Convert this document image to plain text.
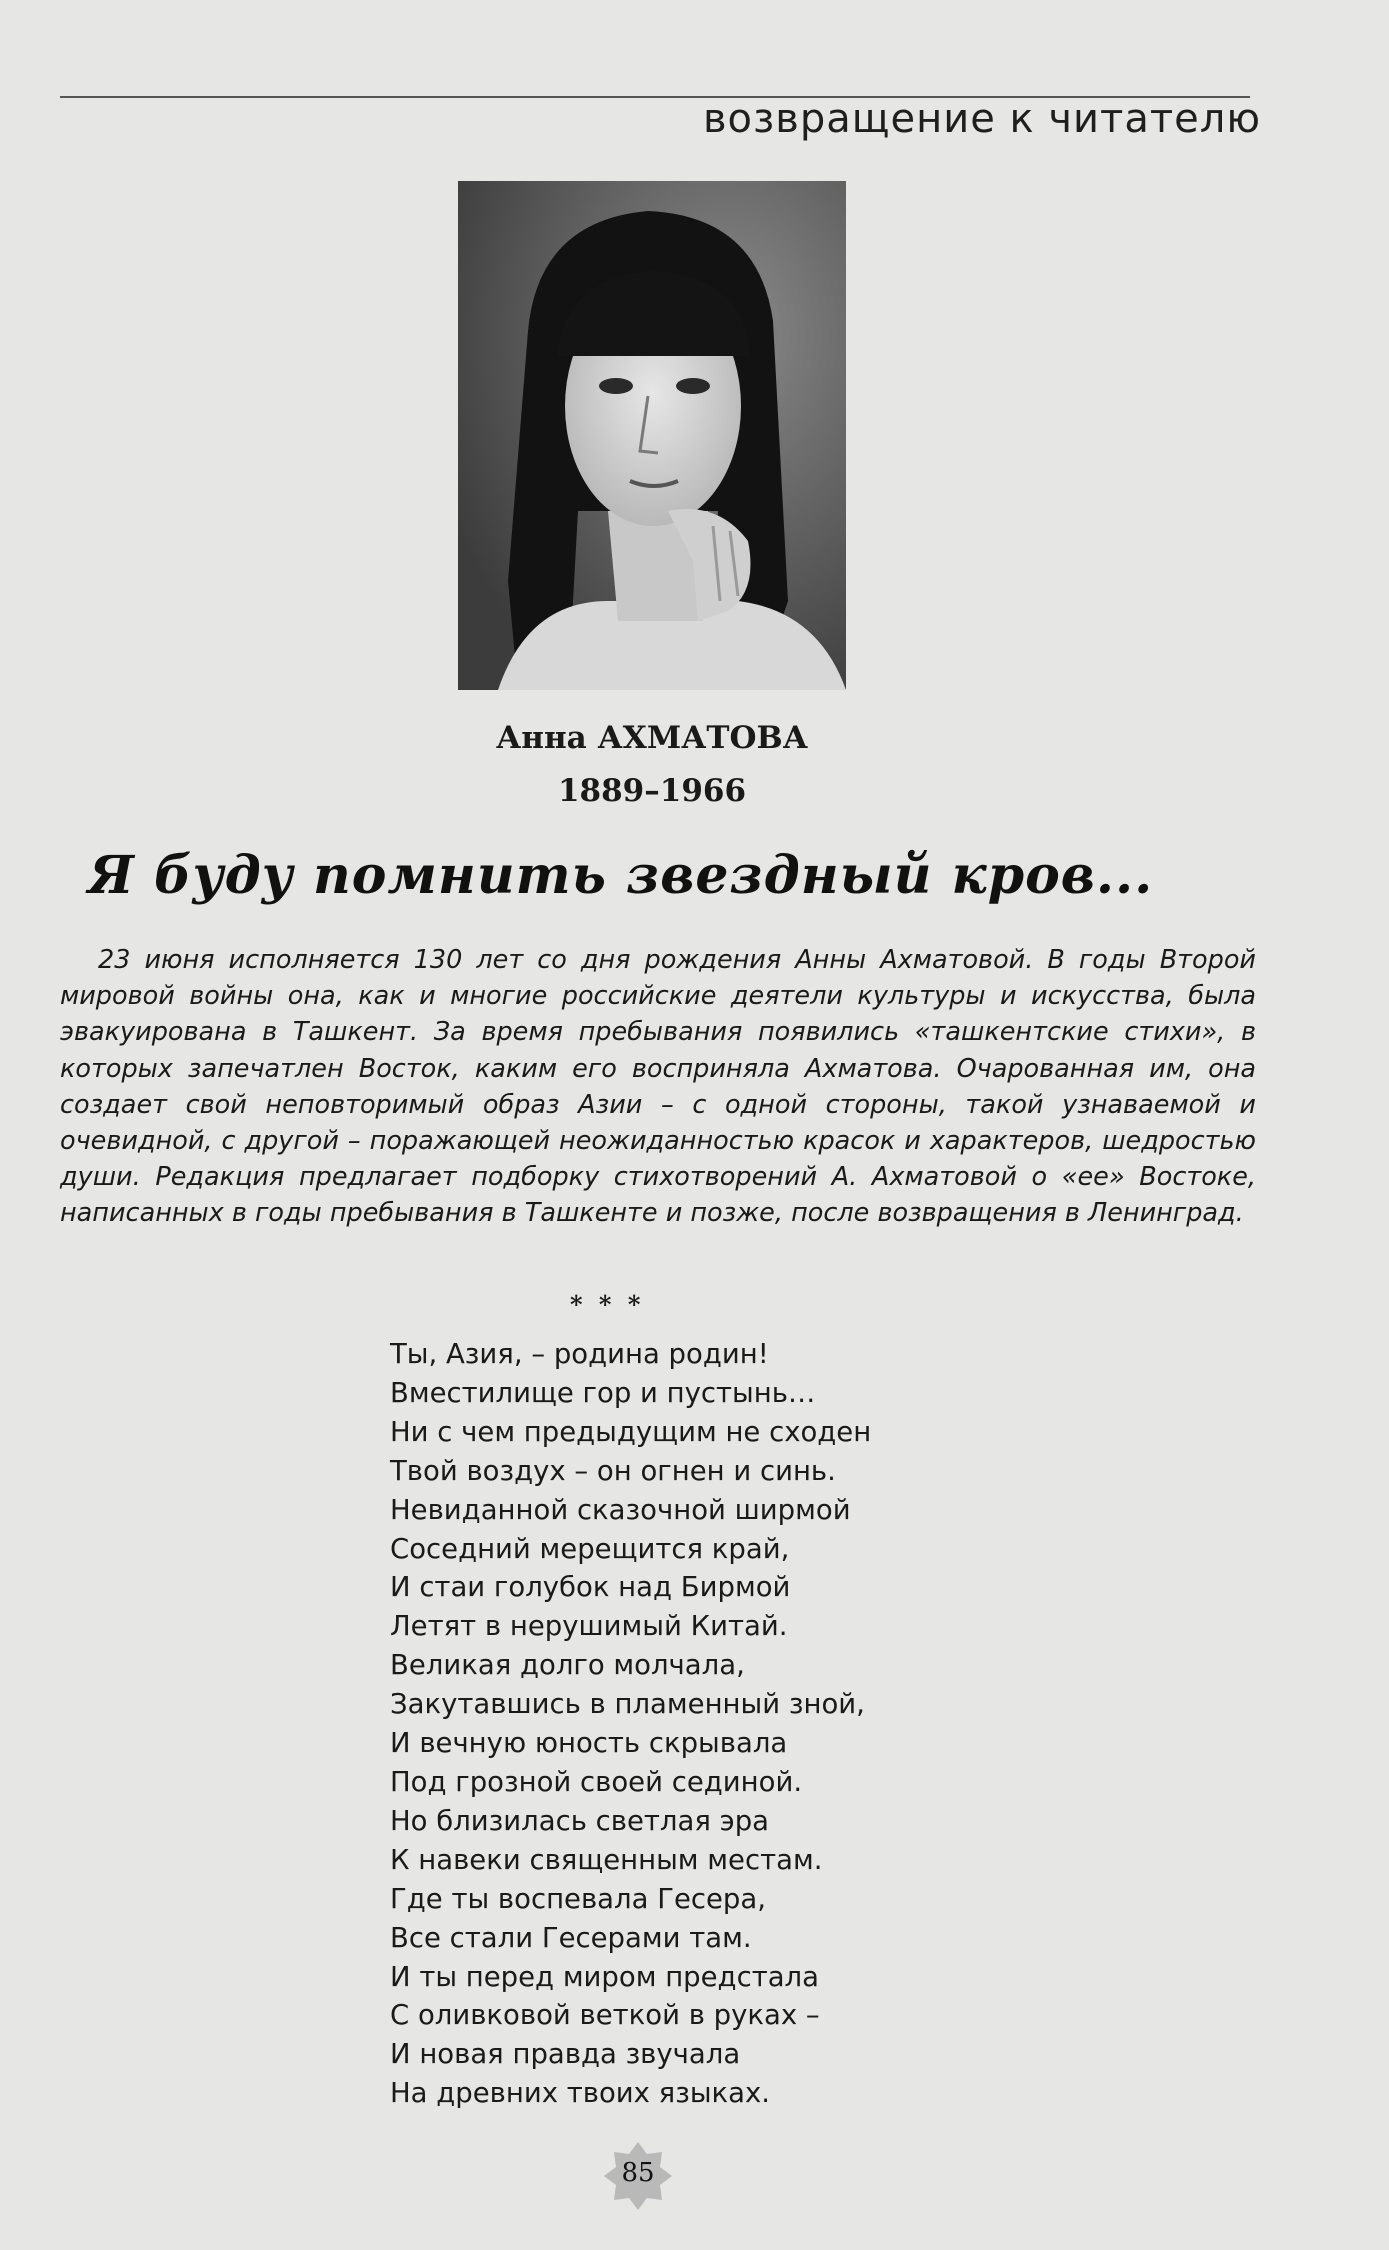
возвращение к читателю
Анна АХМАТОВА
1889–1966
Я буду помнить звездный кров...

23 июня исполняется 130 лет со дня рождения Анны Ахматовой. В годы Второй мировой войны она, как и многие российские деятели культуры и искусства, была эвакуирована в Ташкент. За время пребывания появились «ташкентские стихи», в которых запечатлен Восток, каким его восприняла Ахматова. Очарованная им, она создает свой неповторимый образ Азии – с одной стороны, такой узнаваемой и очевидной, с другой – поражающей неожиданностью красок и характеров, шедростью души. Редакция предлагает подборку стихотворений А. Ахматовой о «ее» Востоке, написанных в годы пребывания в Ташкенте и позже, после возвращения в Ленинград.

* * *
Ты, Азия, – родина родин!
Вместилище гор и пустынь…
Ни с чем предыдущим не сходен
Твой воздух – он огнен и синь.
Невиданной сказочной ширмой
Соседний мерещится край,
И стаи голубок над Бирмой
Летят в нерушимый Китай.
Великая долго молчала,
Закутавшись в пламенный зной,
И вечную юность скрывала
Под грозной своей сединой.
Но близилась светлая эра
К навеки священным местам.
Где ты воспевала Гесера,
Все стали Гесерами там.
И ты перед миром предстала
С оливковой веткой в руках –
И новая правда звучала
На древних твоих языках.
85
